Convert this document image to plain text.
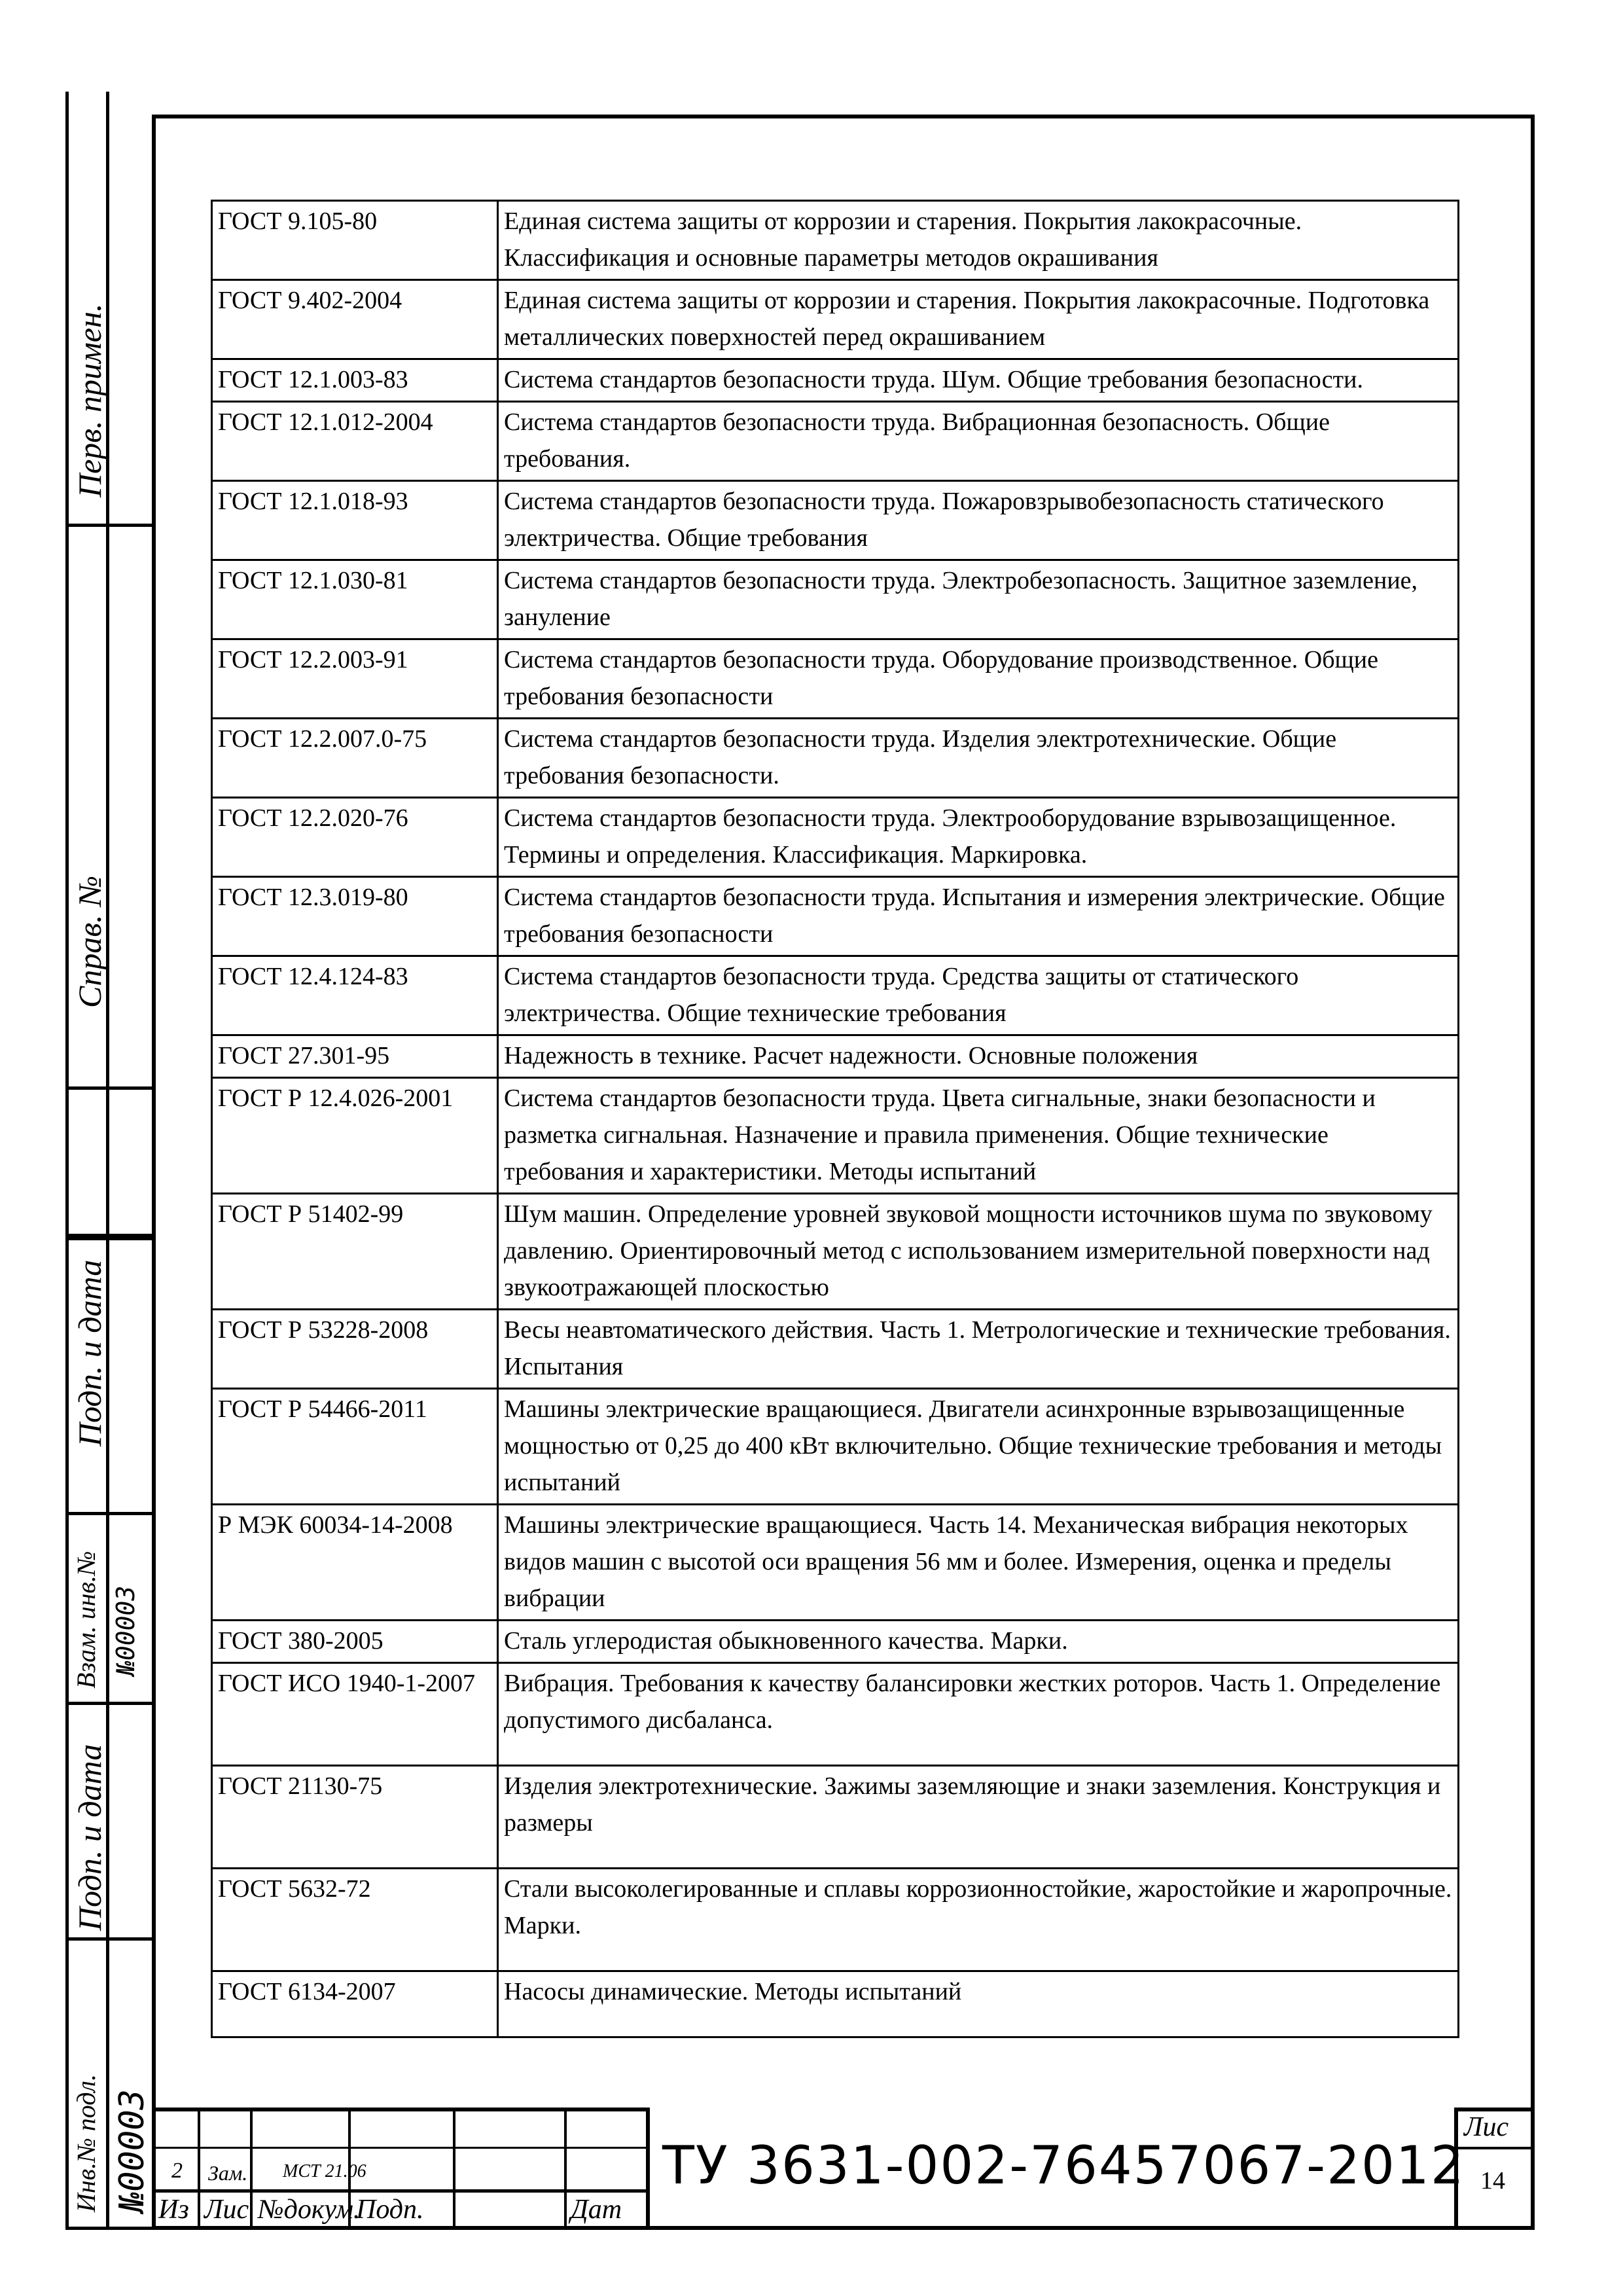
Перв. примен.
Справ. №
Подп. и дата
Взам. инв.№ №00003
Подп. и дата
Инв.№ подл. №00003
ГОСТ 9.105-80	Единая система защиты от коррозии и старения. Покрытия лакокрасочные. Классификация и основные параметры методов окрашивания
ГОСТ 9.402-2004	Единая система защиты от коррозии и старения. Покрытия лакокрасочные. Подготовка металлических поверхностей перед окрашиванием
ГОСТ 12.1.003-83	Система стандартов безопасности труда. Шум. Общие требования безопасности.
ГОСТ 12.1.012-2004	Система стандартов безопасности труда. Вибрационная безопасность. Общие требования.
ГОСТ 12.1.018-93	Система стандартов безопасности труда. Пожаровзрывобезопасность статического электричества. Общие требования
ГОСТ 12.1.030-81	Система стандартов безопасности труда. Электробезопасность. Защитное заземление, зануление
ГОСТ 12.2.003-91	Система стандартов безопасности труда. Оборудование производственное. Общие требования безопасности
ГОСТ 12.2.007.0-75	Система стандартов безопасности труда. Изделия электротехнические. Общие требования безопасности.
ГОСТ 12.2.020-76	Система стандартов безопасности труда. Электрооборудование взрывозащищенное. Термины и определения. Классификация. Маркировка.
ГОСТ 12.3.019-80	Система стандартов безопасности труда. Испытания и измерения электрические. Общие требования безопасности
ГОСТ 12.4.124-83	Система стандартов безопасности труда. Средства защиты от статического электричества. Общие технические требования
ГОСТ 27.301-95	Надежность в технике. Расчет надежности. Основные положения
ГОСТ Р 12.4.026-2001	Система стандартов безопасности труда. Цвета сигнальные, знаки безопасности и разметка сигнальная. Назначение и правила применения. Общие технические требования и характеристики. Методы испытаний
ГОСТ Р 51402-99	Шум машин. Определение уровней звуковой мощности источников шума по звуковому давлению. Ориентировочный метод с использованием измерительной поверхности над звукоотражающей плоскостью
ГОСТ Р 53228-2008	Весы неавтоматического действия. Часть 1. Метрологические и технические требования. Испытания
ГОСТ Р 54466-2011	Машины электрические вращающиеся. Двигатели асинхронные взрывозащищенные мощностью от 0,25 до 400 кВт включительно. Общие технические требования и методы испытаний
Р МЭК 60034-14-2008	Машины электрические вращающиеся. Часть 14. Механическая вибрация некоторых видов машин с высотой оси вращения 56 мм и более. Измерения, оценка и пределы вибрации
ГОСТ 380-2005	Сталь углеродистая обыкновенного качества. Марки.
ГОСТ ИСО 1940-1-2007	Вибрация. Требования к качеству балансировки жестких роторов. Часть 1. Определение допустимого дисбаланса.
ГОСТ 21130-75	Изделия электротехнические. Зажимы заземляющие и знаки заземления. Конструкция и размеры
ГОСТ 5632-72	Стали высоколегированные и сплавы коррозионностойкие, жаростойкие и жаропрочные. Марки.
ГОСТ 6134-2007	Насосы динамические. Методы испытаний
2 Зам. МСТ 21.06
Из Лис №докум.
Подп.	Дат
ТУ 3631-002-76457067-2012
Лис
14
